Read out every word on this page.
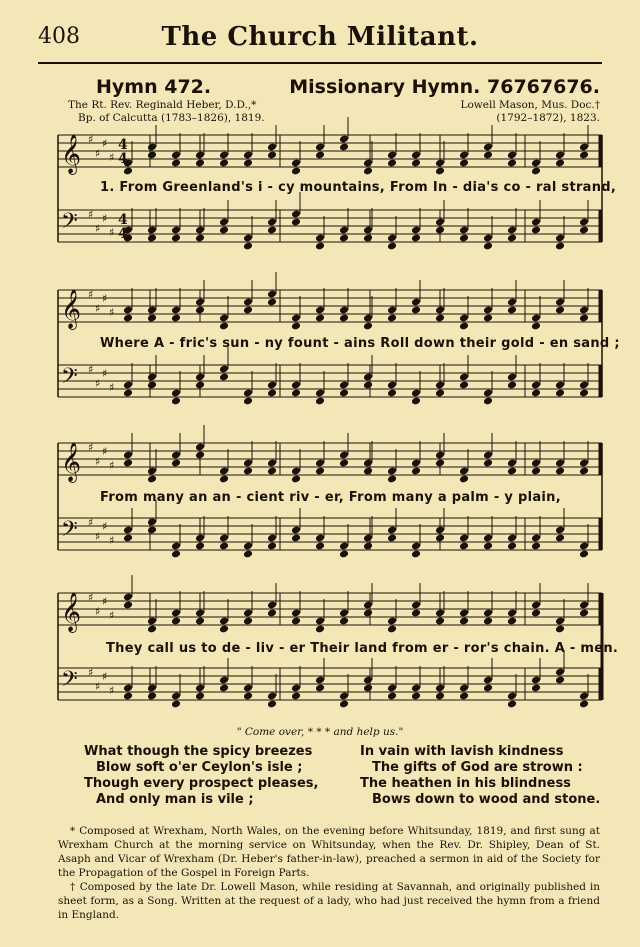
408	The Church Militant.
Hymn 472.	Missionary Hymn. 76767676.
The Rt. Rev. Reginald Heber, D.D.,*
Bp. of Calcutta (1783–1826), 1819.
Lowell Mason, Mus. Doc.†
(1792–1872), 1823.
𝄞 ♯
♯
♯
♯
𝄢 ♯
♯
♯
♯
4
4
4
4
𝄞 ♯
♯
♯
♯
𝄢 ♯
♯
♯
♯
𝄞 ♯
♯
♯
♯
𝄢 ♯
♯
♯
♯
𝄞 ♯
♯
♯
♯
𝄢 ♯
♯
♯
♯
1. From Greenland's i - cy mountains, From In - dia's co - ral strand,
Where A - fric's sun - ny fount - ains Roll down their gold - en sand ;
From many an an - cient riv - er, From many a palm - y plain,
They call us to de - liv - er Their land from er - ror's chain. A - men.
" Come over, * * * and help us."
What though the spicy breezes
Blow soft o'er Ceylon's isle ;
Though every prospect pleases,
And only man is vile ;
In vain with lavish kindness
The gifts of God are strown :
The heathen in his blindness
Bows down to wood and stone.

* Composed at Wrexham, North Wales, on the evening before Whitsunday, 1819, and first sung at Wrexham Church at the morning service on Whitsunday, when the Rev. Dr. Shipley, Dean of St. Asaph and Vicar of Wrexham (Dr. Heber's father-in-law), preached a sermon in aid of the Society for the Propagation of the Gospel in Foreign Parts.

† Composed by the late Dr. Lowell Mason, while residing at Savannah, and originally published in sheet form, as a Song. Written at the request of a lady, who had just received the hymn from a friend in England.
